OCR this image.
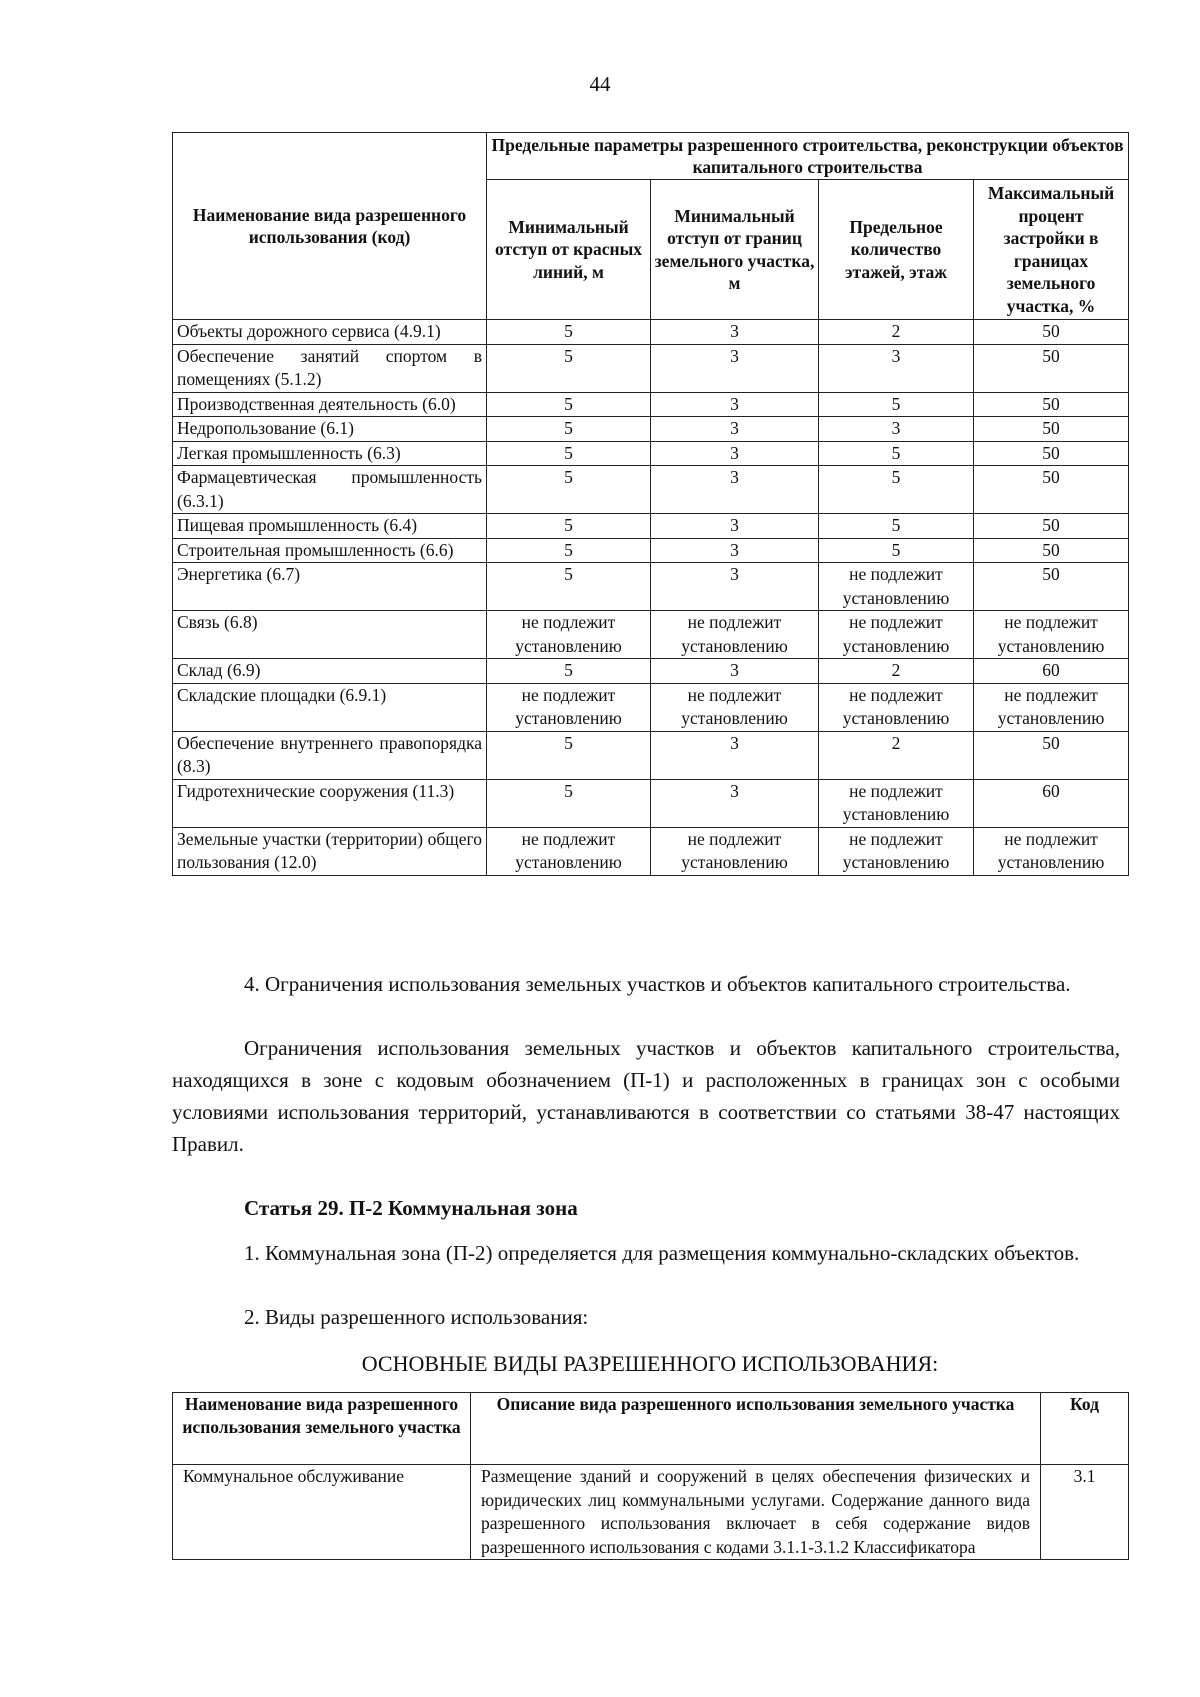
44
Наименование вида разрешенного использования (код)	Предельные параметры разрешенного строительства, реконструкции объектов капитального строительства			
	Минимальный отступ от красных линий, м	Минимальный отступ от границ земельного участка, м	Предельное количество этажей, этаж	Максимальный процент застройки в границах земельного участка, %
Объекты дорожного сервиса (4.9.1)	5	3	2	50
Обеспечение занятий спортом в помещениях (5.1.2)	5	3	3	50
Производственная деятельность (6.0)	5	3	5	50
Недропользование (6.1)	5	3	3	50
Легкая промышленность (6.3)	5	3	5	50
Фармацевтическая промышленность (6.3.1)	5	3	5	50
Пищевая промышленность (6.4)	5	3	5	50
Строительная промышленность (6.6)	5	3	5	50
Энергетика (6.7)	5	3	не подлежит установлению	50
Связь (6.8)	не подлежит установлению	не подлежит установлению	не подлежит установлению	не подлежит установлению
Склад (6.9)	5	3	2	60
Складские площадки (6.9.1)	не подлежит установлению	не подлежит установлению	не подлежит установлению	не подлежит установлению
Обеспечение внутреннего правопорядка (8.3)	5	3	2	50
Гидротехнические сооружения (11.3)	5	3	не подлежит установлению	60
Земельные участки (территории) общего пользования (12.0)	не подлежит установлению	не подлежит установлению	не подлежит установлению	не подлежит установлению

4. Ограничения использования земельных участков и объектов капитального строительства.

Ограничения использования земельных участков и объектов капитального строительства, находящихся в зоне с кодовым обозначением (П-1) и расположенных в границах зон с особыми условиями использования территорий, устанавливаются в соответствии со статьями 38-47 настоящих Правил.

Статья 29. П-2 Коммунальная зона

1. Коммунальная зона (П-2) определяется для размещения коммунально-складских объектов.

2. Виды разрешенного использования:

ОСНОВНЫЕ ВИДЫ РАЗРЕШЕННОГО ИСПОЛЬЗОВАНИЯ:

Наименование вида разрешенного использования земельного участка	Описание вида разрешенного использования земельного участка	Код
Коммунальное обслуживание	Размещение зданий и сооружений в целях обеспечения физических и юридических лиц коммунальными услугами. Содержание данного вида разрешенного использования включает в себя содержание видов разрешенного использования с кодами 3.1.1-3.1.2 Классификатора	3.1
